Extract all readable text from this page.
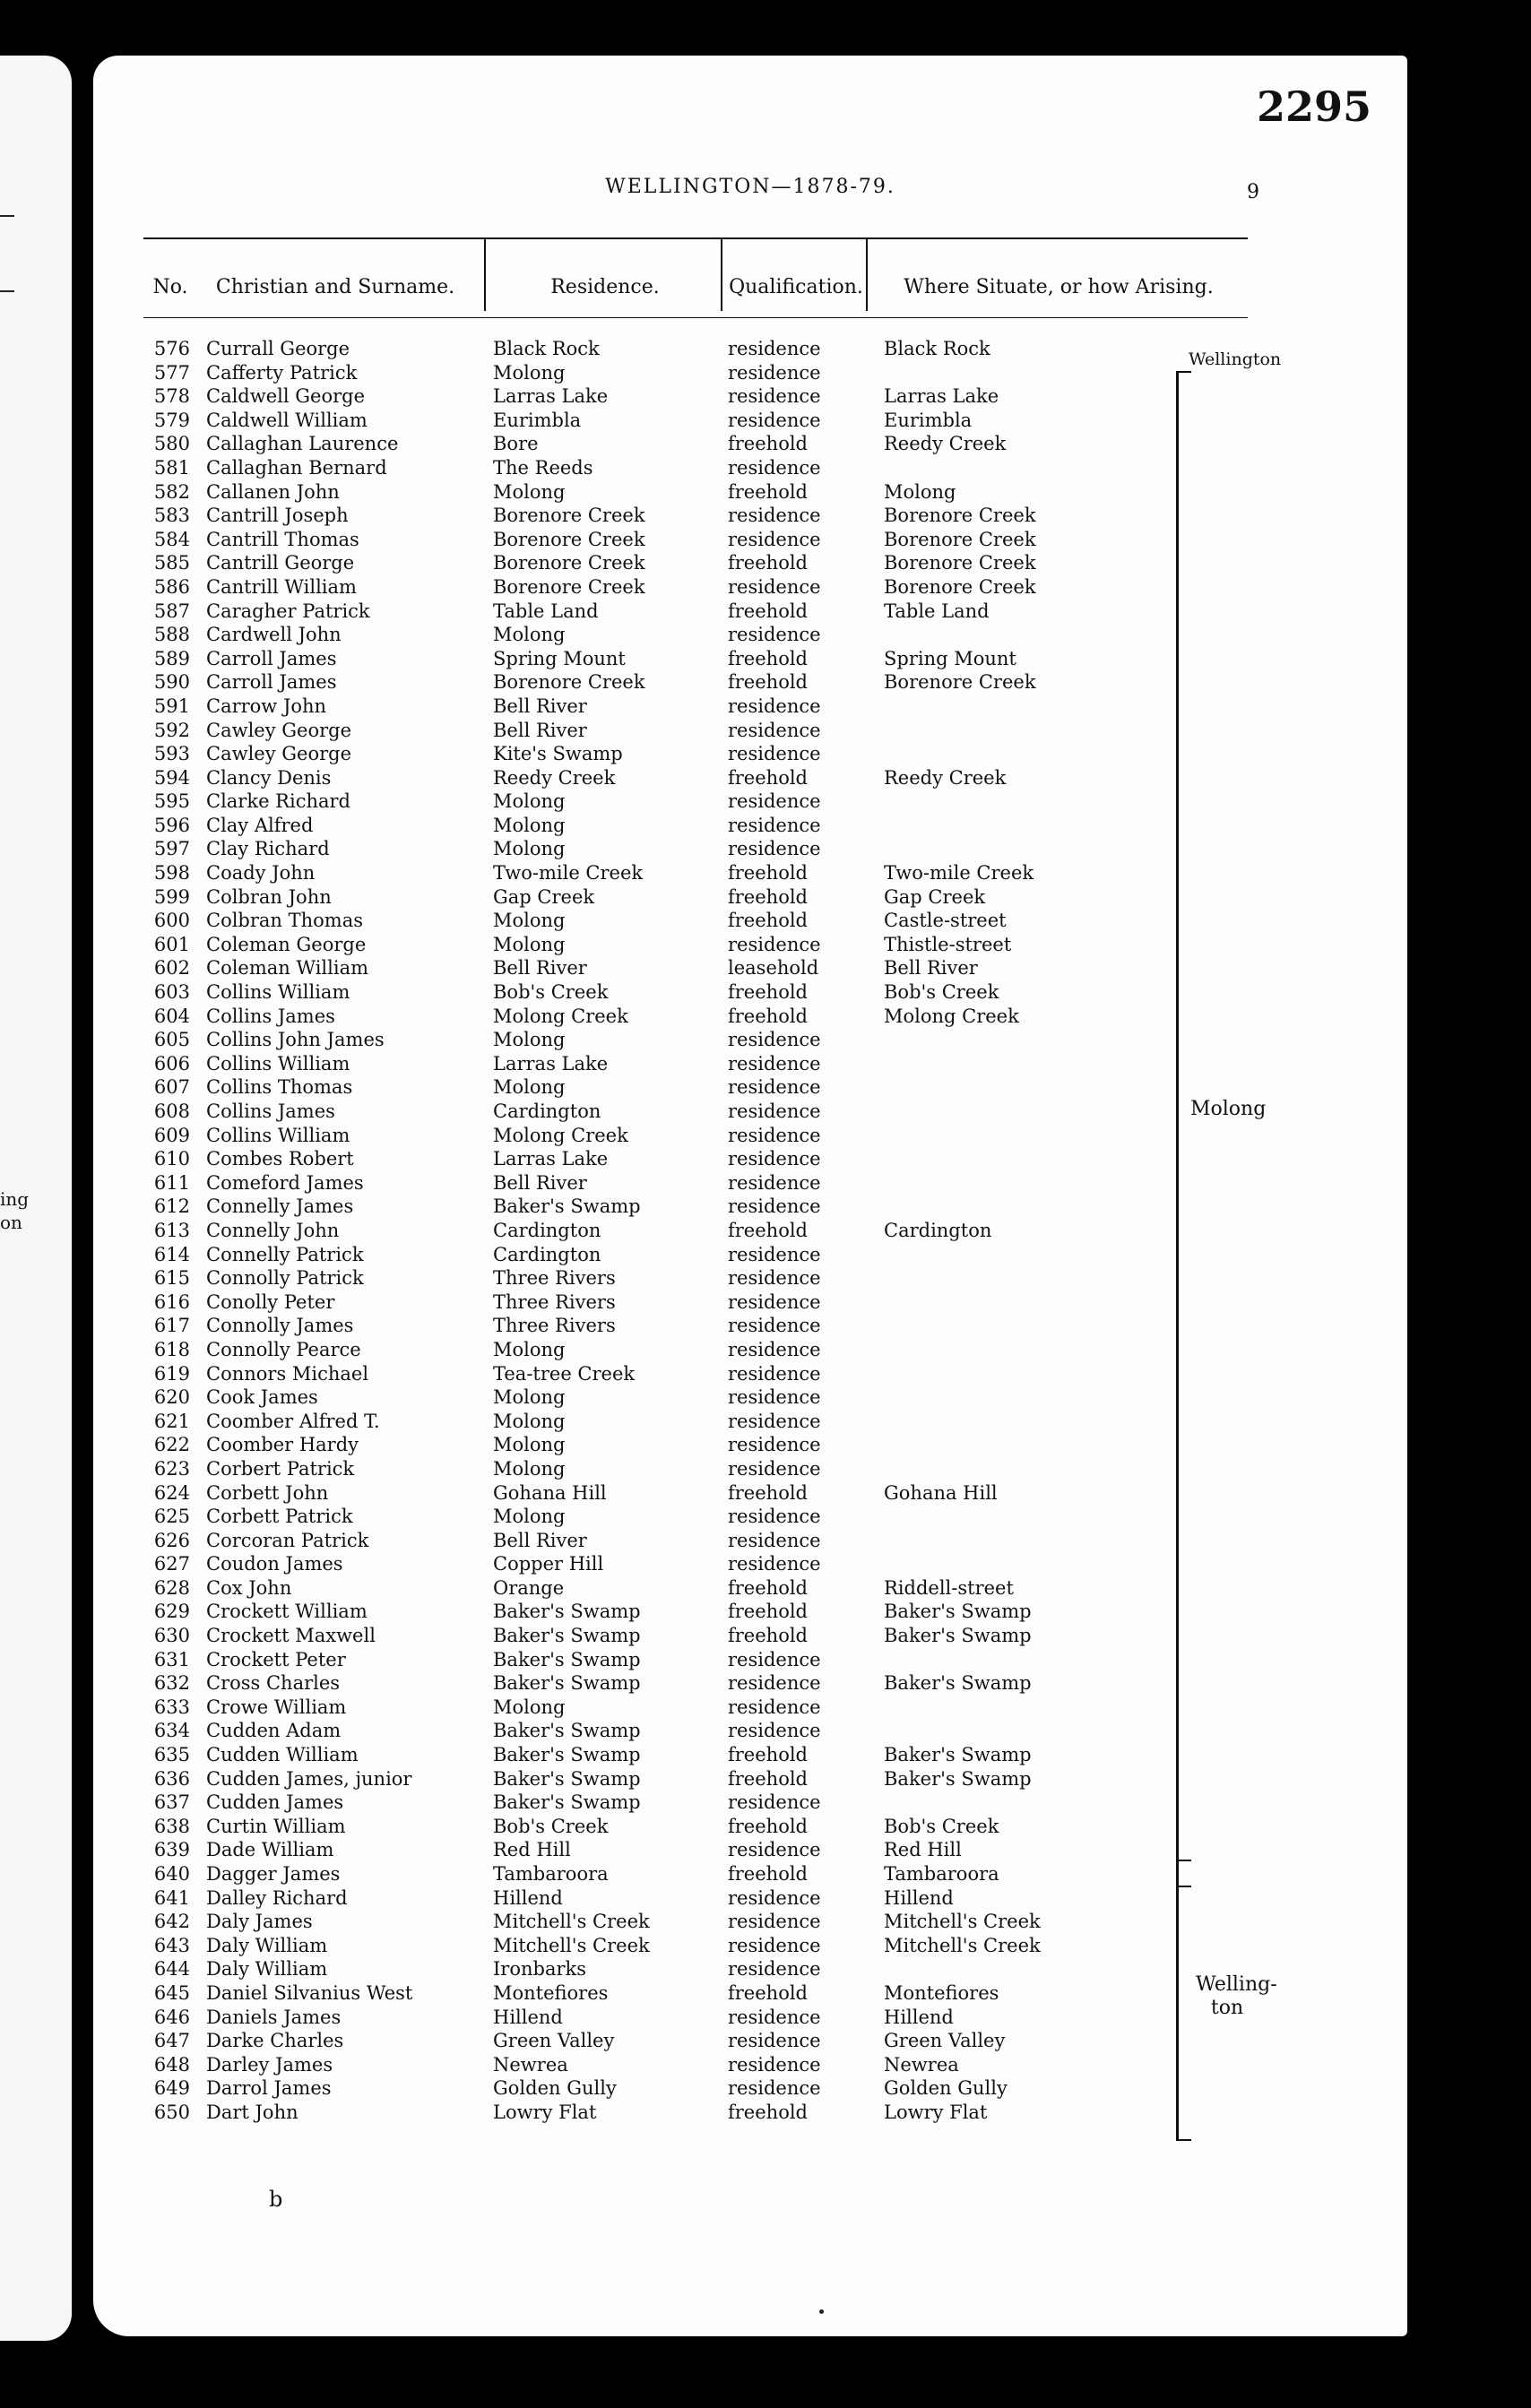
ing
on
2295
WELLINGTON—1878-79.	9
No.	Christian and Surname.	Residence.	Qualification.	Where Situate, or how Arising.
576 Currall George	Black Rock	residence	Black Rock
577 Cafferty Patrick	Molong	residence
578 Caldwell George	Larras Lake	residence	Larras Lake
579 Caldwell William	Eurimbla	residence	Eurimbla
580 Callaghan Laurence	Bore	freehold	Reedy Creek
581 Callaghan Bernard	The Reeds	residence
582 Callanen John	Molong	freehold	Molong
583 Cantrill Joseph	Borenore Creek	residence	Borenore Creek
584 Cantrill Thomas	Borenore Creek	residence	Borenore Creek
585 Cantrill George	Borenore Creek	freehold	Borenore Creek
586 Cantrill William	Borenore Creek	residence	Borenore Creek
587 Caragher Patrick	Table Land	freehold	Table Land
588 Cardwell John	Molong	residence
589 Carroll James	Spring Mount	freehold	Spring Mount
590 Carroll James	Borenore Creek	freehold	Borenore Creek
591 Carrow John	Bell River	residence
592 Cawley George	Bell River	residence
593 Cawley George	Kite's Swamp	residence
594 Clancy Denis	Reedy Creek	freehold	Reedy Creek
595 Clarke Richard	Molong	residence
596 Clay Alfred	Molong	residence
597 Clay Richard	Molong	residence
598 Coady John	Two-mile Creek	freehold	Two-mile Creek
599 Colbran John	Gap Creek	freehold	Gap Creek
600 Colbran Thomas	Molong	freehold	Castle-street
601 Coleman George	Molong	residence	Thistle-street
602 Coleman William	Bell River	leasehold	Bell River
603 Collins William	Bob's Creek	freehold	Bob's Creek
604 Collins James	Molong Creek	freehold	Molong Creek
605 Collins John James	Molong	residence
606 Collins William	Larras Lake	residence
607 Collins Thomas	Molong	residence
608 Collins James	Cardington	residence
609 Collins William	Molong Creek	residence
610 Combes Robert	Larras Lake	residence
611 Comeford James	Bell River	residence
612 Connelly James	Baker's Swamp	residence
613 Connelly John	Cardington	freehold	Cardington
614 Connelly Patrick	Cardington	residence
615 Connolly Patrick	Three Rivers	residence
616 Conolly Peter	Three Rivers	residence
617 Connolly James	Three Rivers	residence
618 Connolly Pearce	Molong	residence
619 Connors Michael	Tea-tree Creek	residence
620 Cook James	Molong	residence
621 Coomber Alfred T.	Molong	residence
622 Coomber Hardy	Molong	residence
623 Corbert Patrick	Molong	residence
624 Corbett John	Gohana Hill	freehold	Gohana Hill
625 Corbett Patrick	Molong	residence
626 Corcoran Patrick	Bell River	residence
627 Coudon James	Copper Hill	residence
628 Cox John	Orange	freehold	Riddell-street
629 Crockett William	Baker's Swamp	freehold	Baker's Swamp
630 Crockett Maxwell	Baker's Swamp	freehold	Baker's Swamp
631 Crockett Peter	Baker's Swamp	residence
632 Cross Charles	Baker's Swamp	residence	Baker's Swamp
633 Crowe William	Molong	residence
634 Cudden Adam	Baker's Swamp	residence
635 Cudden William	Baker's Swamp	freehold	Baker's Swamp
636 Cudden James, junior	Baker's Swamp	freehold	Baker's Swamp
637 Cudden James	Baker's Swamp	residence
638 Curtin William	Bob's Creek	freehold	Bob's Creek
639 Dade William	Red Hill	residence	Red Hill
640 Dagger James	Tambaroora	freehold	Tambaroora
641 Dalley Richard	Hillend	residence	Hillend
642 Daly James	Mitchell's Creek	residence	Mitchell's Creek
643 Daly William	Mitchell's Creek	residence	Mitchell's Creek
644 Daly William	Ironbarks	residence
645 Daniel Silvanius West	Montefiores	freehold	Montefiores
646 Daniels James	Hillend	residence	Hillend
647 Darke Charles	Green Valley	residence	Green Valley
648 Darley James	Newrea	residence	Newrea
649 Darrol James	Golden Gully	residence	Golden Gully
650 Dart John	Lowry Flat	freehold	Lowry Flat
Wellington
Molong
Welling-ton
b
